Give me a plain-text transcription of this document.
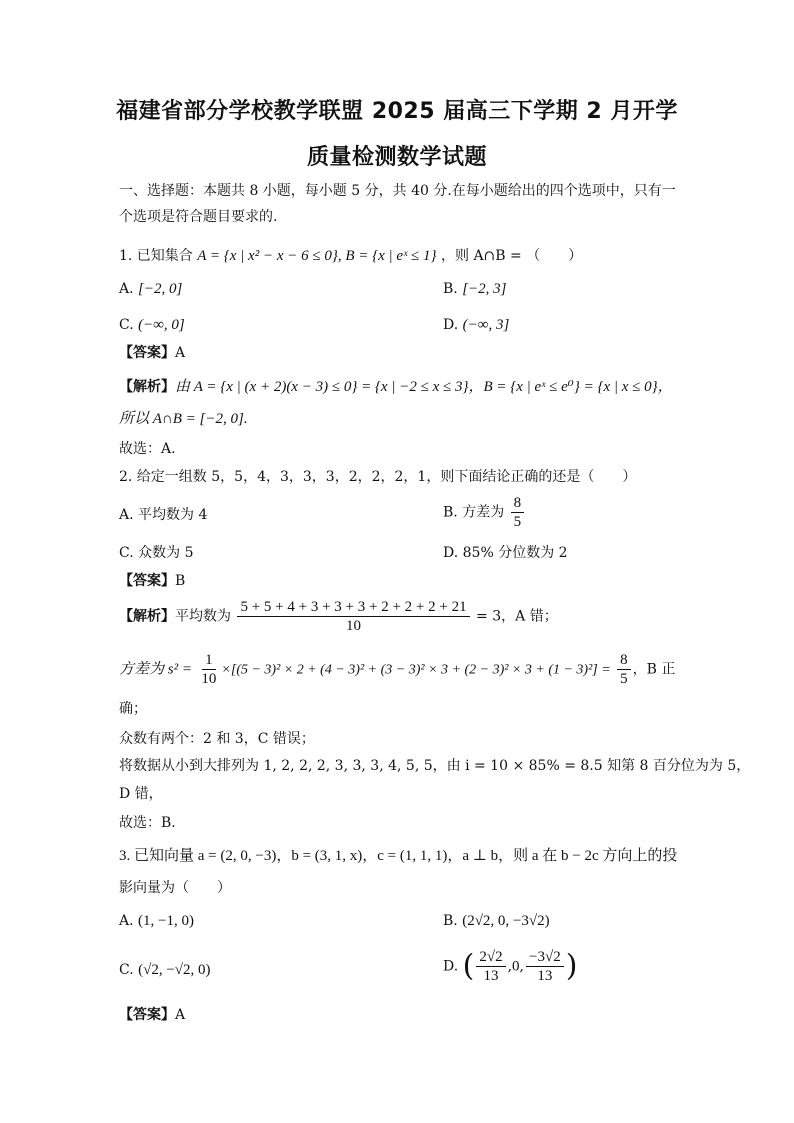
福建省部分学校教学联盟 2025 届高三下学期 2 月开学
质量检测数学试题
一、选择题：本题共 8 小题，每小题 5 分，共 40 分.在每小题给出的四个选项中，只有一
个选项是符合题目要求的.
1. 已知集合 A = {x | x² − x − 6 ≤ 0}, B = {x | eˣ ≤ 1} ，则 A∩B = （　　）
A. [−2, 0]	B. [−2, 3]
C. (−∞, 0]	D. (−∞, 3]
【答案】A
【解析】由 A = {x | (x + 2)(x − 3) ≤ 0} = {x | −2 ≤ x ≤ 3}，B = {x | eˣ ≤ e⁰} = {x | x ≤ 0}，
所以 A∩B = [−2, 0].
故选：A.
2. 给定一组数 5，5，4，3，3，3，2，2，2，1，则下面结论正确的还是（　　）
A. 平均数为 4	B. 方差为 $\frac{8}{5}$
C. 众数为 5	D. 85% 分位数为 2
【答案】B
【解析】平均数为 $\frac{5 + 5 + 4 + 3 + 3 + 3 + 2 + 2 + 2 + 21}{10} = 3$，A 错；
方差为 $s^2 = \frac{1}{10} \times[(5 - 3)^2 \times 2 + (4 - 3)^2 + (3 - 3)^2 \times 3 + (2 - 3)^2 \times 3 + (1 - 3)^2] = \frac{8}{5}$ ，B 正
确；
众数有两个：2 和 3，C 错误；
将数据从小到大排列为 1, 2, 2, 2, 3, 3, 3, 4, 5, 5，由 i = 10 × 85% = 8.5 知第 8 百分位为为 5，
D 错，
故选：B.
3. 已知向量 a = (2, 0, −3)，b = (3, 1, x)，c = (1, 1, 1)，a ⊥ b，则 a 在 b − 2c 方向上的投
影向量为（　　）
A. (1, −1, 0)	B. (2√2, 0, −3√2)
C. (√2, −√2, 0)	D. ( $\frac{2√2}{13} ,0$, $\frac{-3√2}{13}$ )
【答案】A
